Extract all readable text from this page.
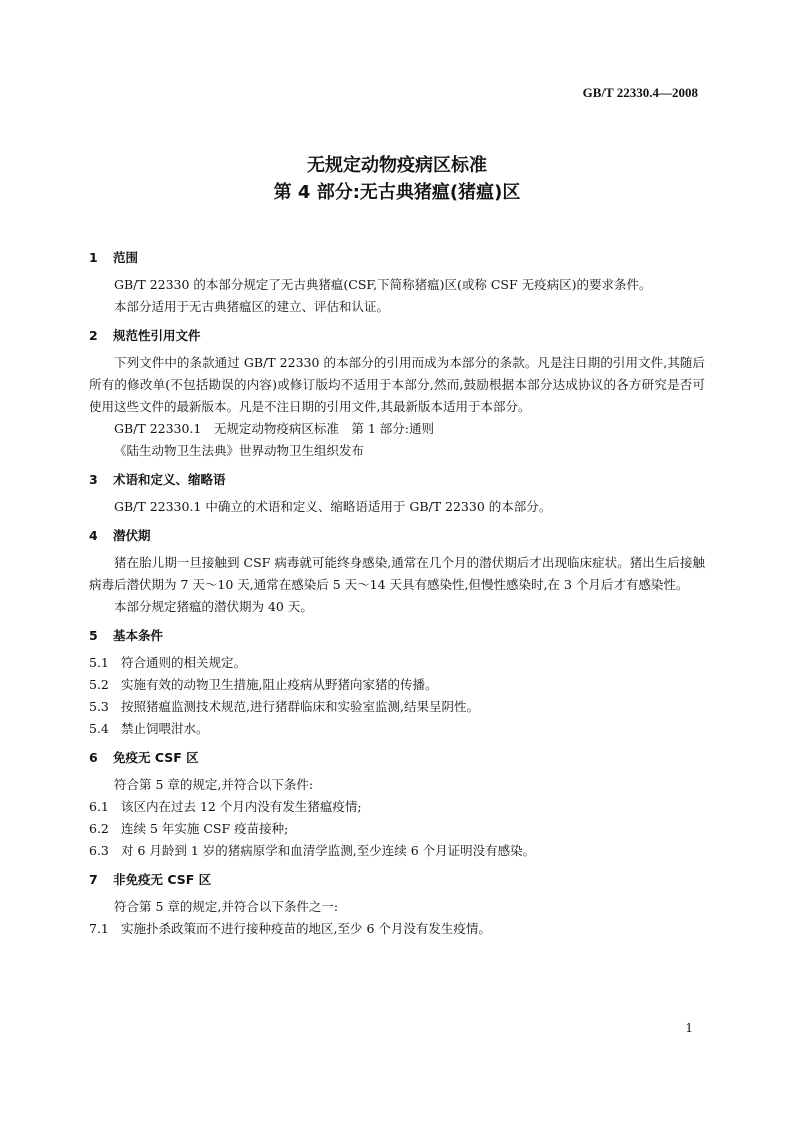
GB/T 22330.4—2008
无规定动物疫病区标准
第 4 部分:无古典猪瘟(猪瘟)区
1 范围
GB/T 22330 的本部分规定了无古典猪瘟(CSF,下简称猪瘟)区(或称 CSF 无疫病区)的要求条件。
本部分适用于无古典猪瘟区的建立、评估和认证。
2 规范性引用文件
下列文件中的条款通过 GB/T 22330 的本部分的引用而成为本部分的条款。凡是注日期的引用文件,其随后所有的修改单(不包括勘误的内容)或修订版均不适用于本部分,然而,鼓励根据本部分达成协议的各方研究是否可使用这些文件的最新版本。凡是不注日期的引用文件,其最新版本适用于本部分。
GB/T 22330.1　无规定动物疫病区标准　第 1 部分:通则
《陆生动物卫生法典》世界动物卫生组织发布
3 术语和定义、缩略语
GB/T 22330.1 中确立的术语和定义、缩略语适用于 GB/T 22330 的本部分。
4 潜伏期
猪在胎儿期一旦接触到 CSF 病毒就可能终身感染,通常在几个月的潜伏期后才出现临床症状。猪出生后接触病毒后潜伏期为 7 天～10 天,通常在感染后 5 天～14 天具有感染性,但慢性感染时,在 3 个月后才有感染性。
本部分规定猪瘟的潜伏期为 40 天。
5 基本条件
5.1 符合通则的相关规定。
5.2 实施有效的动物卫生措施,阻止疫病从野猪向家猪的传播。
5.3 按照猪瘟监测技术规范,进行猪群临床和实验室监测,结果呈阴性。
5.4 禁止饲喂泔水。
6 免疫无 CSF 区
符合第 5 章的规定,并符合以下条件:
6.1 该区内在过去 12 个月内没有发生猪瘟疫情;
6.2 连续 5 年实施 CSF 疫苗接种;
6.3 对 6 月龄到 1 岁的猪病原学和血清学监测,至少连续 6 个月证明没有感染。
7 非免疫无 CSF 区
符合第 5 章的规定,并符合以下条件之一:
7.1 实施扑杀政策而不进行接种疫苗的地区,至少 6 个月没有发生疫情。
1
